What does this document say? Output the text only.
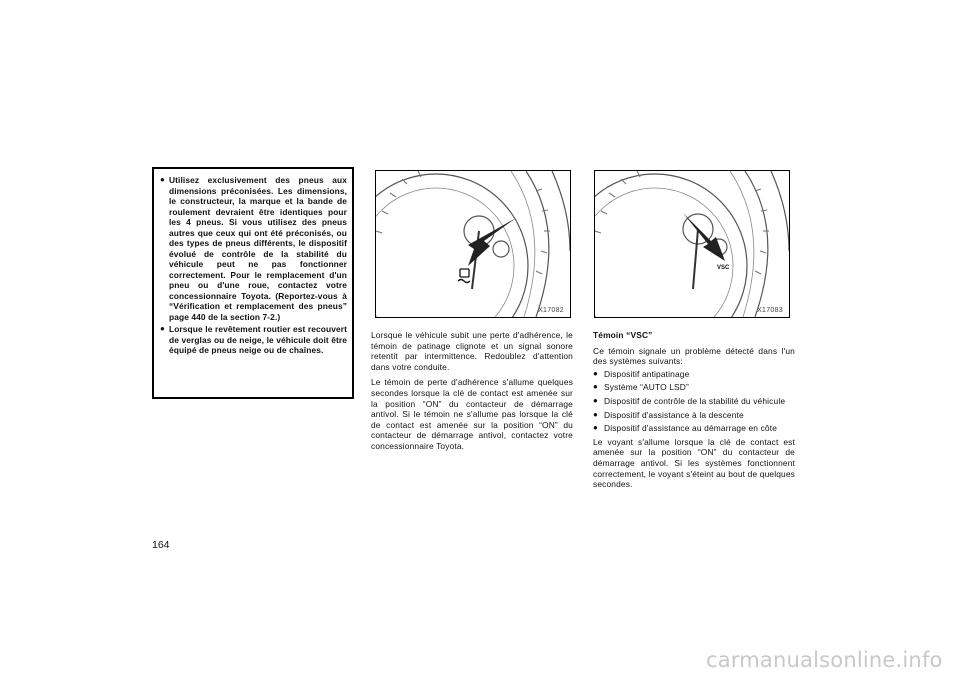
● Utilisez exclusivement des pneus aux dimensions préconisées. Les dimensions, le constructeur, la marque et la bande de roulement devraient être identiques pour les 4 pneus. Si vous utilisez des pneus autres que ceux qui ont été préconisés, ou des types de pneus différents, le dispositif évolué de contrôle de la stabilité du véhicule peut ne pas fonctionner correctement. Pour le remplacement d'un pneu ou d'une roue, contactez votre concessionnaire Toyota. (Reportez-vous à “Vérification et remplacement des pneus” page 440 de la section 7-2.)
● Lorsque le revêtement routier est recouvert de verglas ou de neige, le véhicule doit être équipé de pneus neige ou de chaînes.
X17082
VSC
X17083

Lorsque le véhicule subit une perte d'adhérence, le témoin de patinage clignote et un signal sonore retentit par intermittence. Redoublez d'attention dans votre conduite.

Le témoin de perte d'adhérence s'allume quelques secondes lorsque la clé de contact est amenée sur la position “ON” du contacteur de démarrage antivol. Si le témoin ne s'allume pas lorsque la clé de contact est amenée sur la position “ON” du contacteur de démarrage antivol, contactez votre concessionnaire Toyota.

Témoin “VSC”

Ce témoin signale un problème détecté dans l'un des systèmes suivants:

● Dispositif antipatinage
● Système “AUTO LSD”
● Dispositif de contrôle de la stabilité du véhicule
● Dispositif d'assistance à la descente
● Dispositif d'assistance au démarrage en côte

Le voyant s'allume lorsque la clé de contact est amenée sur la position “ON” du contacteur de démarrage antivol. Si les systèmes fonctionnent correctement, le voyant s'éteint au bout de quelques secondes.

164
carmanualsonline.info
